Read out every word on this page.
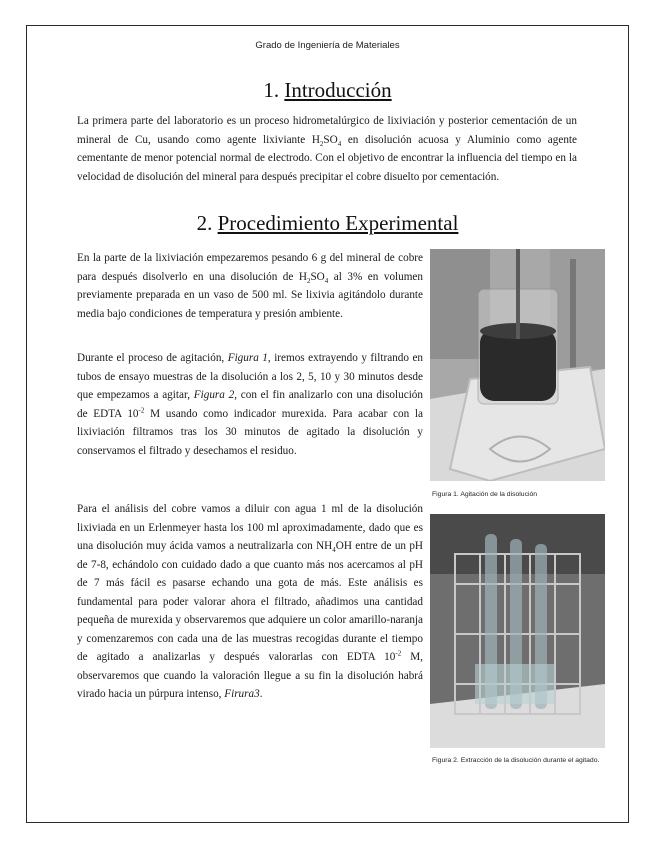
Grado de Ingeniería de Materiales
1. Introducción

La primera parte del laboratorio es un proceso hidrometalúrgico de lixiviación y posterior cementación de un mineral de Cu, usando como agente lixiviante $H_2SO_4$ en disolución acuosa y Aluminio como agente cementante de menor potencial normal de electrodo. Con el objetivo de encontrar la influencia del tiempo en la velocidad de disolución del mineral para después precipitar el cobre disuelto por cementación.

2. Procedimiento Experimental

En la parte de la lixiviación empezaremos pesando 6 g del mineral de cobre para después disolverlo en una disolución de $H_2SO_4$ al 3% en volumen previamente preparada en un vaso de 500 ml. Se lixivia agitándolo durante media bajo condiciones de temperatura y presión ambiente.

Durante el proceso de agitación, Figura 1, iremos extrayendo y filtrando en tubos de ensayo muestras de la disolución a los 2, 5, 10 y 30 minutos desde que empezamos a agitar, Figura 2, con el fin analizarlo con una disolución de EDTA $10^{-2}$ M usando como indicador murexida. Para acabar con la lixiviación filtramos tras los 30 minutos de agitado la disolución y conservamos el filtrado y desechamos el residuo.

Para el análisis del cobre vamos a diluir con agua 1 ml de la disolución lixiviada en un Erlenmeyer hasta los 100 ml aproximadamente, dado que es una disolución muy ácida vamos a neutralizarla con $NH_4OH$ entre de un pH de 7-8, echándolo con cuidado dado a que cuanto más nos acercamos al pH de 7 más fácil es pasarse echando una gota de más. Este análisis es fundamental para poder valorar ahora el filtrado, añadimos una cantidad pequeña de murexida y observaremos que adquiere un color amarillo-naranja y comenzaremos con cada una de las muestras recogidas durante el tiempo de agitado a analizarlas y después valorarlas con EDTA $10^{-2}$ M, observaremos que cuando la valoración llegue a su fin la disolución habrá virado hacia un púrpura intenso, Firura3.

Figura 1. Agitación de la disolución
Figura 2. Extracción de la disolución durante el agitado.
